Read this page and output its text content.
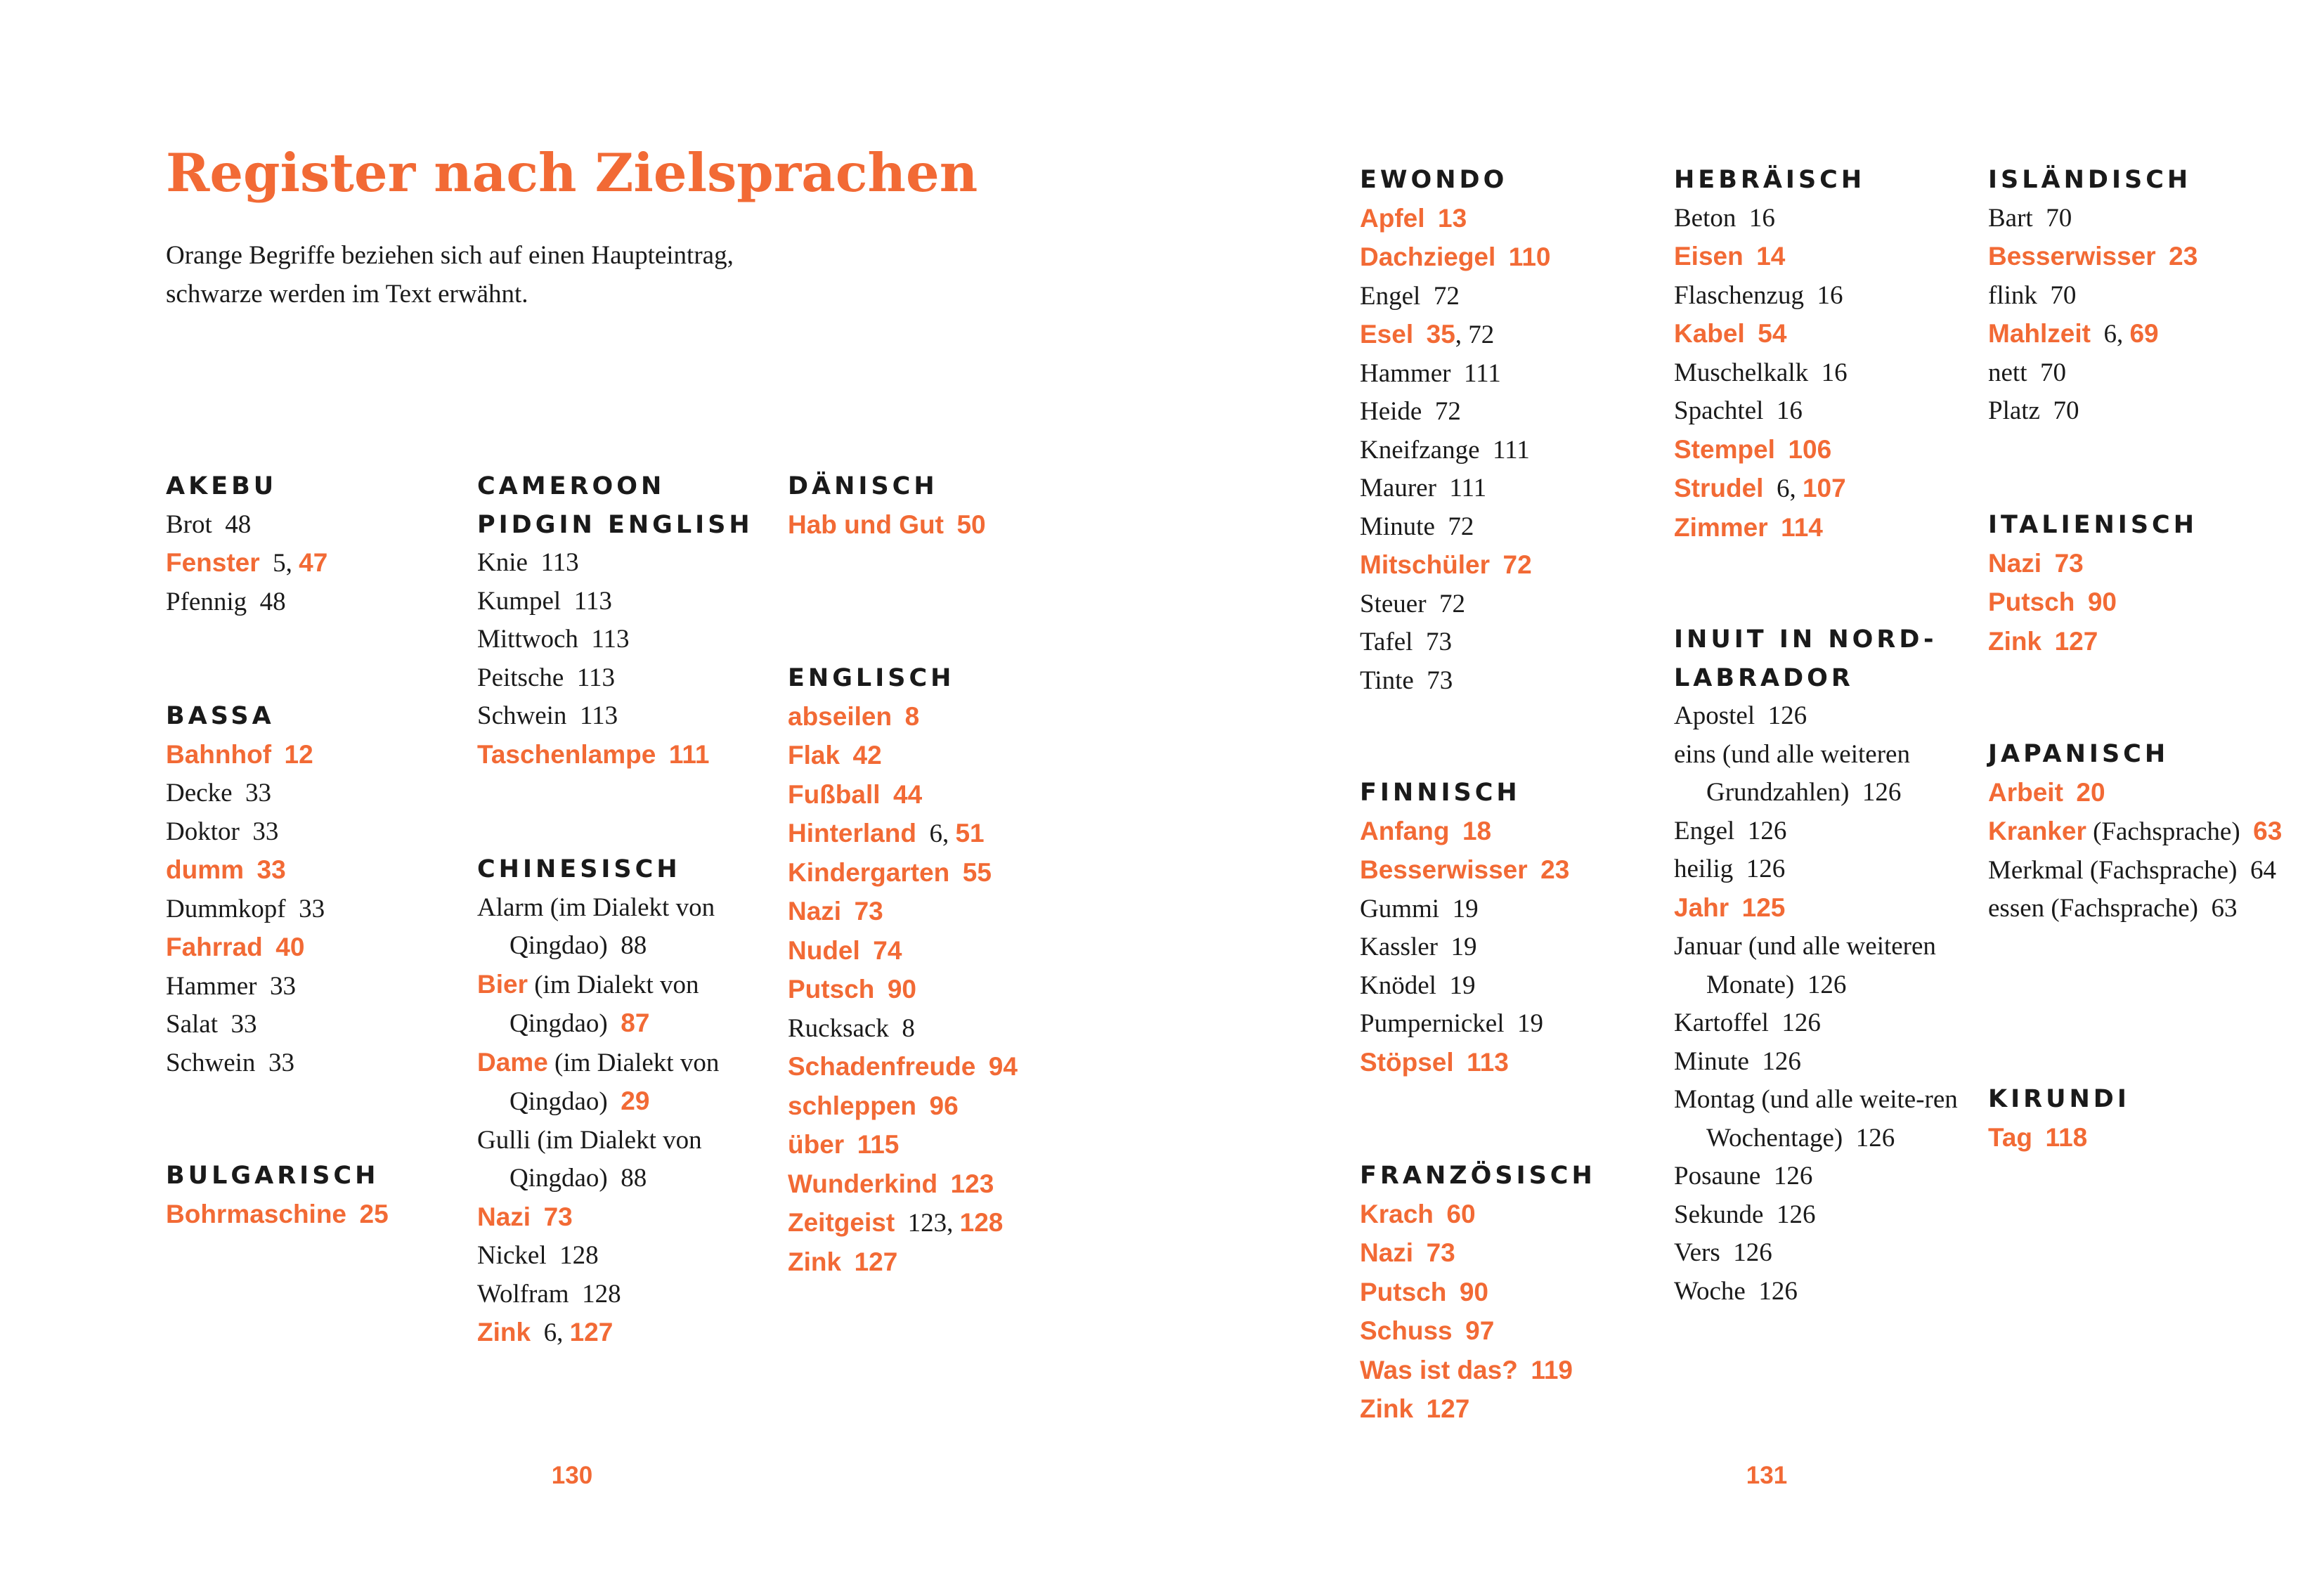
Register nach Zielsprachen
Orange Begriffe beziehen sich auf einen Haupteintrag,
schwarze werden im Text erwähnt.
AKEBU
Brot  48
Fenster  5, 47
Pfennig  48
BASSA
Bahnhof  12
Decke  33
Doktor  33
dumm  33
Dummkopf  33
Fahrrad  40
Hammer  33
Salat  33
Schwein  33
BULGARISCH
Bohrmaschine  25
CAMEROON
PIDGIN ENGLISH
Knie  113
Kumpel  113
Mittwoch  113
Peitsche  113
Schwein  113
Taschenlampe  111
CHINESISCH
Alarm (im Dialekt von Qingdao)  88
Bier (im Dialekt von Qingdao)  87
Dame (im Dialekt von Qingdao)  29
Gulli (im Dialekt von Qingdao)  88
Nazi  73
Nickel  128
Wolfram  128
Zink  6, 127
DÄNISCH
Hab und Gut  50
ENGLISCH
abseilen  8
Flak  42
Fußball  44
Hinterland  6, 51
Kindergarten  55
Nazi  73
Nudel  74
Putsch  90
Rucksack  8
Schadenfreude  94
schleppen  96
über  115
Wunderkind  123
Zeitgeist  123, 128
Zink  127
EWONDO
Apfel  13
Dachziegel  110
Engel  72
Esel  35, 72
Hammer  111
Heide  72
Kneifzange  111
Maurer  111
Minute  72
Mitschüler  72
Steuer  72
Tafel  73
Tinte  73
FINNISCH
Anfang  18
Besserwisser  23
Gummi  19
Kassler  19
Knödel  19
Pumpernickel  19
Stöpsel  113
FRANZÖSISCH
Krach  60
Nazi  73
Putsch  90
Schuss  97
Was ist das?  119
Zink  127
HEBRÄISCH
Beton  16
Eisen  14
Flaschenzug  16
Kabel  54
Muschelkalk  16
Spachtel  16
Stempel  106
Strudel  6, 107
Zimmer  114
INUIT IN NORD-
LABRADOR
Apostel  126
eins (und alle weiteren Grundzahlen)  126
Engel  126
heilig  126
Jahr  125
Januar (und alle weiteren Monate)  126
Kartoffel  126
Minute  126
Montag (und alle weite-ren Wochentage)  126
Posaune  126
Sekunde  126
Vers  126
Woche  126
ISLÄNDISCH
Bart  70
Besserwisser  23
flink  70
Mahlzeit  6, 69
nett  70
Platz  70
ITALIENISCH
Nazi  73
Putsch  90
Zink  127
JAPANISCH
Arbeit  20
Kranker (Fachsprache)  63
Merkmal (Fachsprache)  64
essen (Fachsprache)  63
KIRUNDI
Tag  118
130	131
